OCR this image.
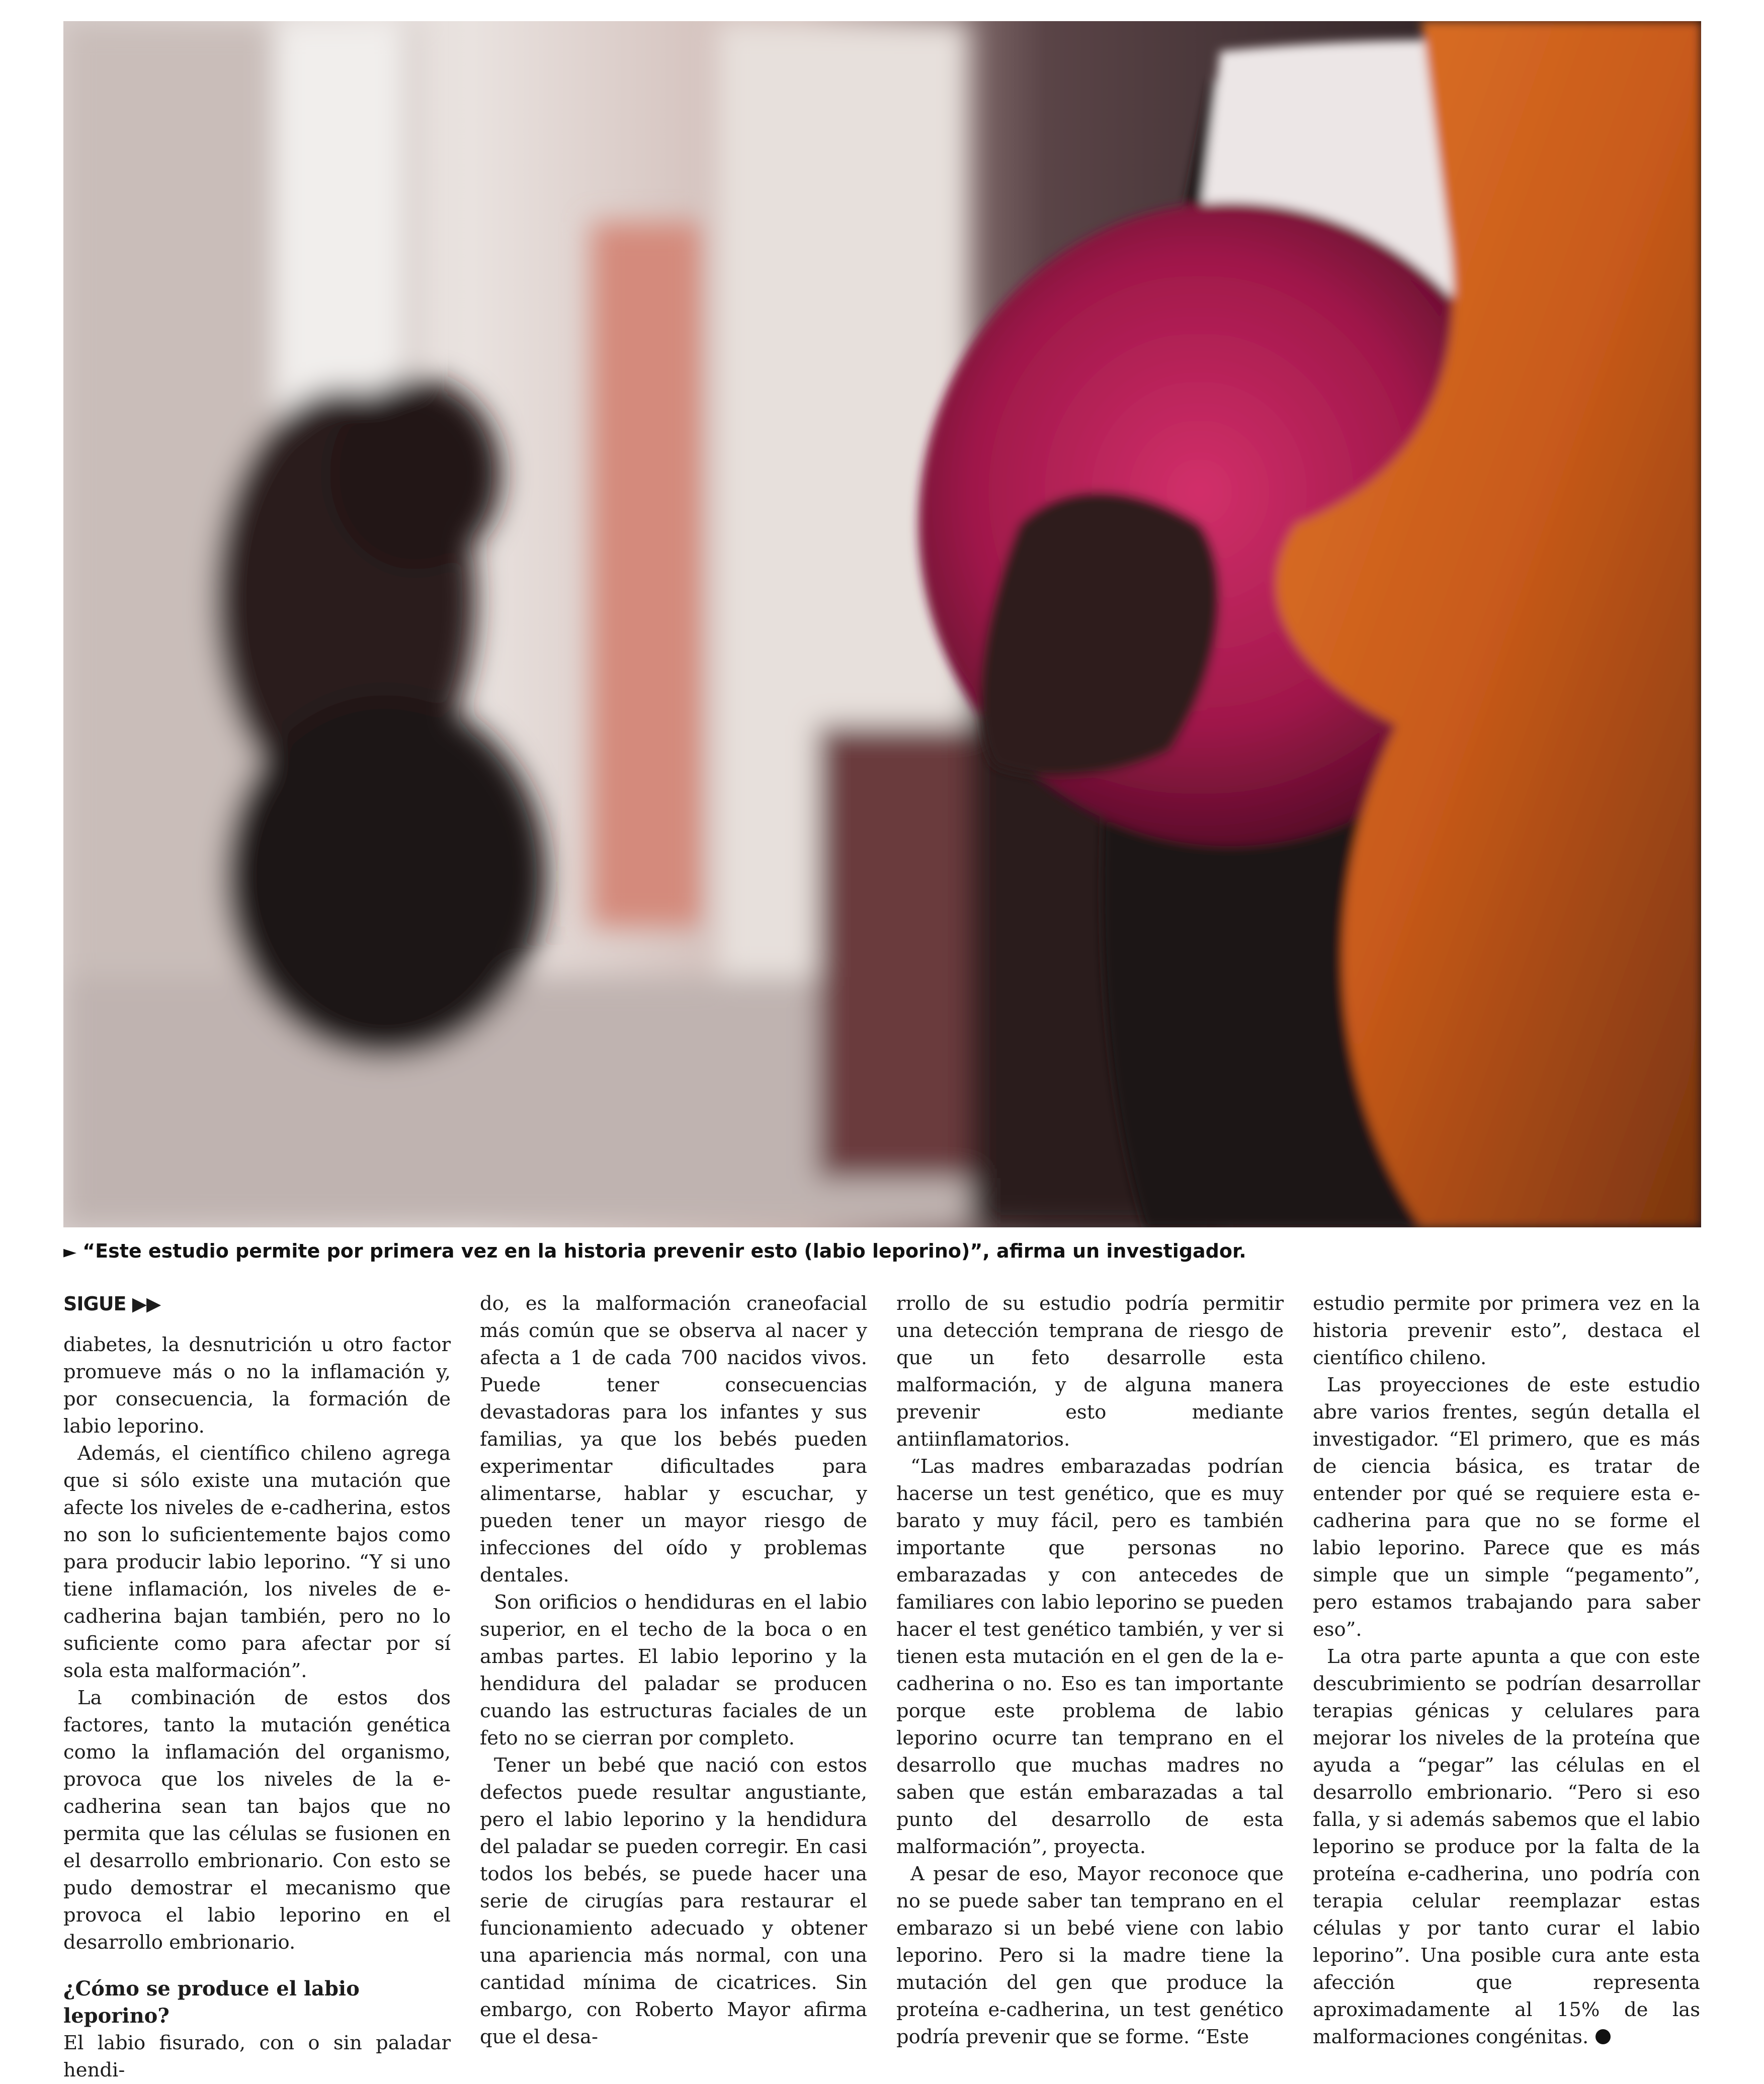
► “Este estudio permite por primera vez en la historia prevenir esto (labio leporino)”, afirma un investigador.
SIGUE ▶▶

diabetes, la desnutrición u otro factor promueve más o no la inflamación y, por consecuencia, la formación de labio leporino.

Además, el científico chileno agrega que si sólo existe una mutación que afecte los niveles de e-cadherina, estos no son lo suficientemente bajos como para producir labio leporino. “Y si uno tiene inflamación, los niveles de e-cadherina bajan también, pero no lo suficiente como para afectar por sí sola esta malformación”.

La combinación de estos dos factores, tanto la mutación genética como la inflamación del organismo, provoca que los niveles de la e-cadherina sean tan bajos que no permita que las células se fusionen en el desarrollo embrionario. Con esto se pudo demostrar el mecanismo que provoca el labio leporino en el desarrollo embrionario.

¿Cómo se produce el labio leporino?

El labio fisurado, con o sin paladar hendi-

do, es la malformación craneofacial más común que se observa al nacer y afecta a 1 de cada 700 nacidos vivos. Puede tener consecuencias devastadoras para los infantes y sus familias, ya que los bebés pueden experimentar dificultades para alimentarse, hablar y escuchar, y pueden tener un mayor riesgo de infecciones del oído y problemas dentales.

Son orificios o hendiduras en el labio superior, en el techo de la boca o en ambas partes. El labio leporino y la hendidura del paladar se producen cuando las estructuras faciales de un feto no se cierran por completo.

Tener un bebé que nació con estos defectos puede resultar angustiante, pero el labio leporino y la hendidura del paladar se pueden corregir. En casi todos los bebés, se puede hacer una serie de cirugías para restaurar el funcionamiento adecuado y obtener una apariencia más normal, con una cantidad mínima de cicatrices. Sin embargo, con Roberto Mayor afirma que el desa-

rrollo de su estudio podría permitir una detección temprana de riesgo de que un feto desarrolle esta malformación, y de alguna manera prevenir esto mediante antiinflamatorios.

“Las madres embarazadas podrían hacerse un test genético, que es muy barato y muy fácil, pero es también importante que personas no embarazadas y con antecedes de familiares con labio leporino se pueden hacer el test genético también, y ver si tienen esta mutación en el gen de la e-cadherina o no. Eso es tan importante porque este problema de labio leporino ocurre tan temprano en el desarrollo que muchas madres no saben que están embarazadas a tal punto del desarrollo de esta malformación”, proyecta.

A pesar de eso, Mayor reconoce que no se puede saber tan temprano en el embarazo si un bebé viene con labio leporino. Pero si la madre tiene la mutación del gen que produce la proteína e-cadherina, un test genético podría prevenir que se forme. “Este

estudio permite por primera vez en la historia prevenir esto”, destaca el científico chileno.

Las proyecciones de este estudio abre varios frentes, según detalla el investigador. “El primero, que es más de ciencia básica, es tratar de entender por qué se requiere esta e-cadherina para que no se forme el labio leporino. Parece que es más simple que un simple “pegamento”, pero estamos trabajando para saber eso”.

La otra parte apunta a que con este descubrimiento se podrían desarrollar terapias génicas y celulares para mejorar los niveles de la proteína que ayuda a “pegar” las células en el desarrollo embrionario. “Pero si eso falla, y si además sabemos que el labio leporino se produce por la falta de la proteína e-cadherina, uno podría con terapia celular reemplazar estas células y por tanto curar el labio leporino”. Una posible cura ante esta afección que representa aproximadamente al 15% de las malformaciones congénitas.
